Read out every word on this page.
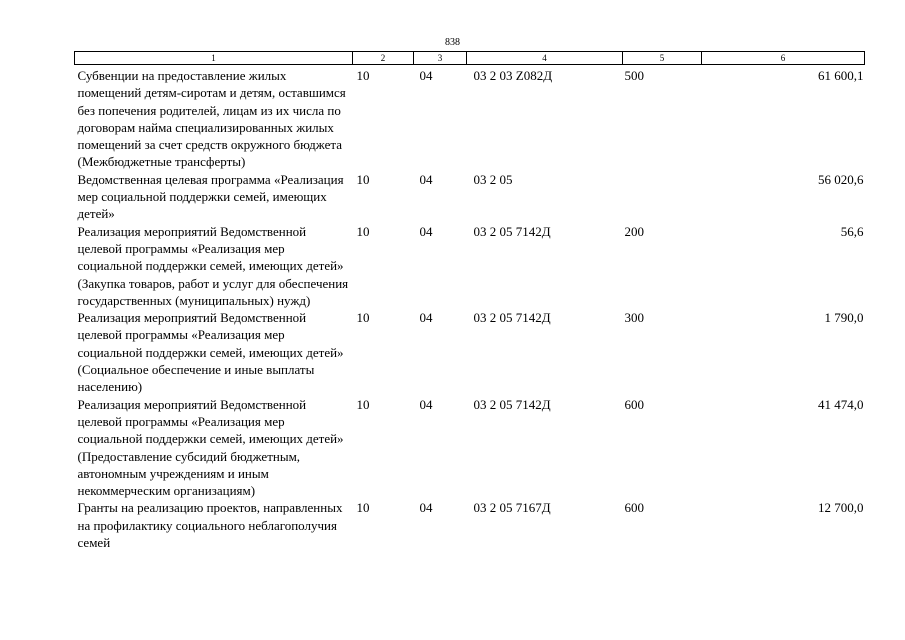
838
1	2	3	4	5	6
Субвенции на предоставление жилых помещений детям-сиротам и детям, оставшимся без попечения родителей, лицам из их числа по договорам найма специализированных жилых помещений за счет средств окружного бюджета (Межбюджетные трансферты)	10	04	03 2 03 Z082Д	500	61 600,1
Ведомственная целевая программа «Реализация мер социальной поддержки семей, имеющих детей»	10	04	03 2 05		56 020,6
Реализация мероприятий Ведомственной целевой программы «Реализация мер социальной поддержки семей, имеющих детей» (Закупка товаров, работ и услуг для обеспечения государственных (муниципальных) нужд)	10	04	03 2 05 7142Д	200	56,6
Реализация мероприятий Ведомственной целевой программы «Реализация мер социальной поддержки семей, имеющих детей» (Социальное обеспечение и иные выплаты населению)	10	04	03 2 05 7142Д	300	1 790,0
Реализация мероприятий Ведомственной целевой программы «Реализация мер социальной поддержки семей, имеющих детей» (Предоставление субсидий бюджетным, автономным учреждениям и иным некоммерческим организациям)	10	04	03 2 05 7142Д	600	41 474,0
Гранты на реализацию проектов, направленных на профилактику социального неблагополучия семей	10	04	03 2 05 7167Д	600	12 700,0
